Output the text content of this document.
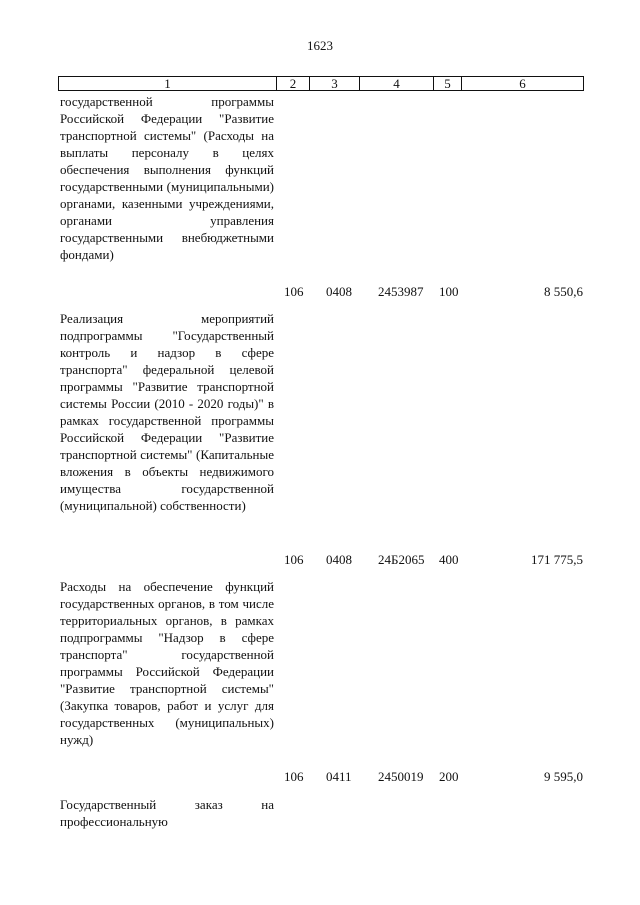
1623
1	2	3	4	5	6
государственной программы Российской Федерации "Развитие транспортной системы" (Расходы на выплаты персоналу в целях обеспечения выполнения функций государственными (муниципальными) органами, казенными учреждениями, органами управления государственными внебюджетными фондами)
106 0408 2453987 100	8 550,6
Реализация мероприятий подпрограммы "Государственный контроль и надзор в сфере транспорта" федеральной целевой программы "Развитие транспортной системы России (2010 - 2020 годы)" в рамках государственной программы Российской Федерации "Развитие транспортной системы" (Капитальные вложения в объекты недвижимого имущества государственной (муниципальной) собственности)
106 0408 24Б2065 400	171 775,5
Расходы на обеспечение функций государственных органов, в том числе территориальных органов, в рамках подпрограммы "Надзор в сфере транспорта" государственной программы Российской Федерации "Развитие транспортной системы" (Закупка товаров, работ и услуг для государственных (муниципальных) нужд)
106 0411 2450019 200	9 595,0
Государственный заказ на профессиональную
